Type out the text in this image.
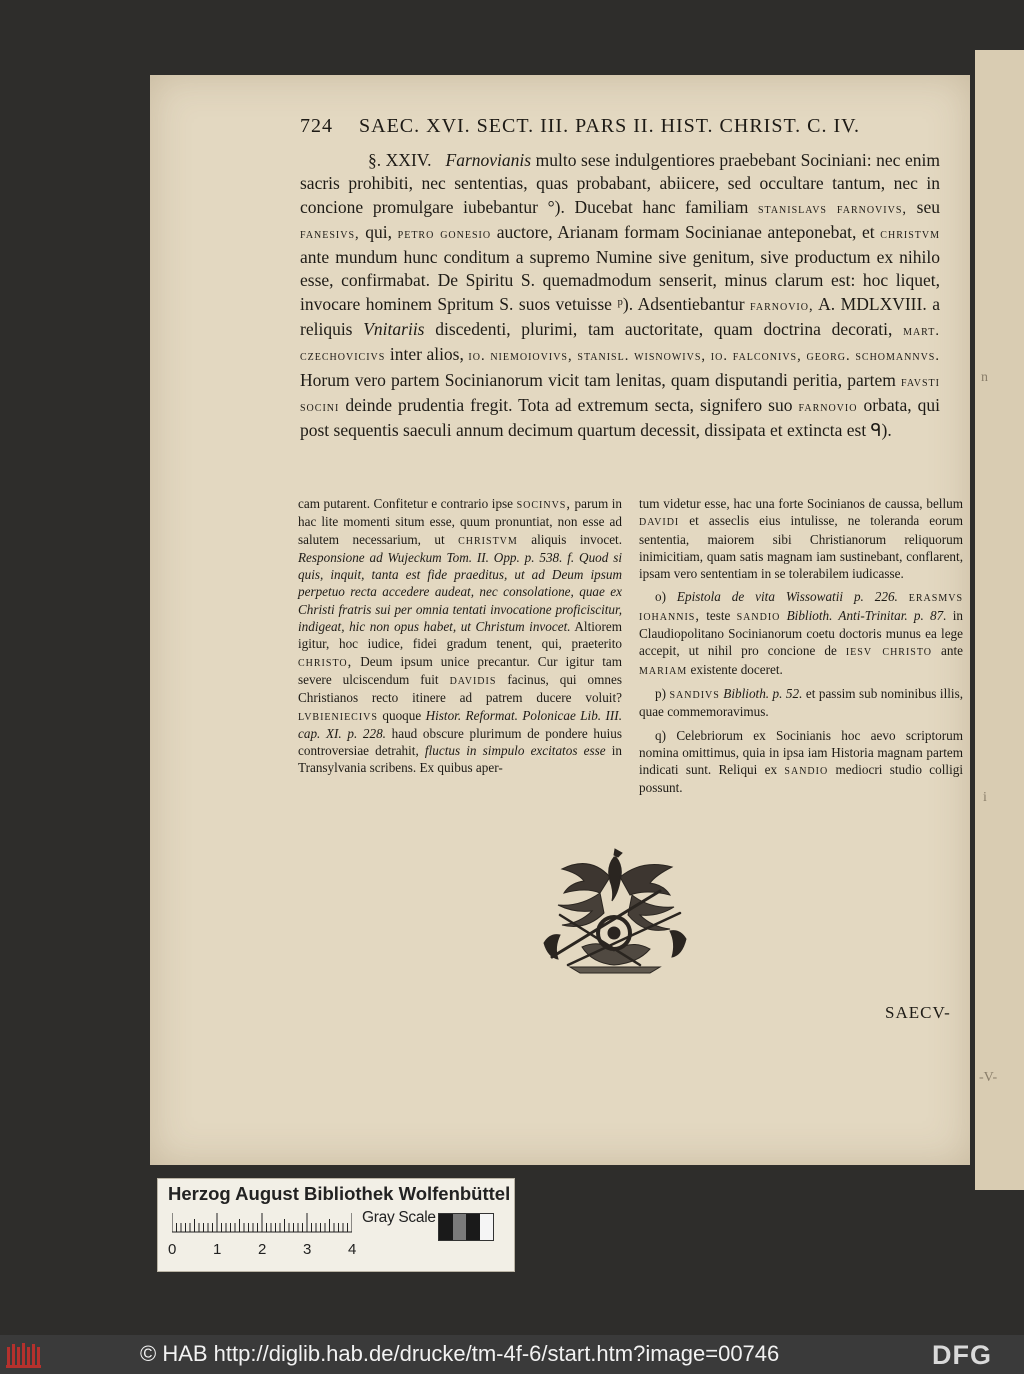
n
i
-V-
724 SAEC. XVI. SECT. III. PARS II. HIST. CHRIST. C. IV.
§. XXIV. Farnovianis multo sese indulgentiores praebebant Sociniani: nec enim sacris prohibiti, nec sententias, quas probabant, abiicere, sed occultare tantum, nec in concione promulgare iubebantur °). Ducebat hanc familiam stanislavs farnovivs, seu fanesivs, qui, petro gonesio auctore, Arianam formam Socinianae anteponebat, et christvm ante mundum hunc conditum a supremo Numine sive genitum, sive productum ex nihilo esse, confirmabat. De Spiritu S. quemadmodum senserit, minus clarum est: hoc liquet, invocare hominem Spritum S. suos vetuisse ᵖ). Adsentiebantur farnovio, A. MDLXVIII. a reliquis Vnitariis discedenti, plurimi, tam auctoritate, quam doctrina decorati, mart. czechovicivs inter alios, io. niemoiovivs, stanisl. wisnowivs, io. falconivs, georg. schomannvs. Horum vero partem Socinianorum vicit tam lenitas, quam disputandi peritia, partem favsti socini deinde prudentia fregit. Tota ad extremum secta, signifero suo farnovio orbata, qui post sequentis saeculi annum decimum quartum decessit, dissipata et extincta est ᑫ).

cam putarent. Confitetur e contrario ipse socinvs, parum in hac lite momenti situm esse, quum pronuntiat, non esse ad salutem necessarium, ut christvm aliquis invocet. Responsione ad Wujeckum Tom. II. Opp. p. 538. f. Quod si quis, inquit, tanta est fide praeditus, ut ad Deum ipsum perpetuo recta accedere audeat, nec consolatione, quae ex Christi fratris sui per omnia tentati invocatione proficiscitur, indigeat, hic non opus habet, ut Christum invocet. Altiorem igitur, hoc iudice, fidei gradum tenent, qui, praeterito christo, Deum ipsum unice precantur. Cur igitur tam severe ulciscendum fuit davidis facinus, qui omnes Christianos recto itinere ad patrem ducere voluit? lvbieniecivs quoque Histor. Reformat. Polonicae Lib. III. cap. XI. p. 228. haud obscure plurimum de pondere huius controversiae detrahit, fluctus in simpulo excitatos esse in Transylvania scribens. Ex quibus aper-

tum videtur esse, hac una forte Socinianos de caussa, bellum davidi et asseclis eius intulisse, ne toleranda eorum sententia, maiorem sibi Christianorum reliquorum inimicitiam, quam satis magnam iam sustinebant, conflarent, ipsam vero sententiam in se tolerabilem iudicasse.

o) Epistola de vita Wissowatii p. 226. erasmvs iohannis, teste sandio Biblioth. Anti-Trinitar. p. 87. in Claudiopolitano Socinianorum coetu doctoris munus ea lege accepit, ut nihil pro concione de iesv christo ante mariam existente doceret.

p) sandivs Biblioth. p. 52. et passim sub nominibus illis, quae commemoravimus.

q) Celebriorum ex Socinianis hoc aevo scriptorum nomina omittimus, quia in ipsa iam Historia magnam partem indicati sunt. Reliqui ex sandio mediocri studio colligi possunt.

SAECV-
Herzog August Bibliothek Wolfenbüttel
0 1 2 3 4
Gray Scale
© HAB http://diglib.hab.de/drucke/tm-4f-6/start.htm?image=00746	DFG
